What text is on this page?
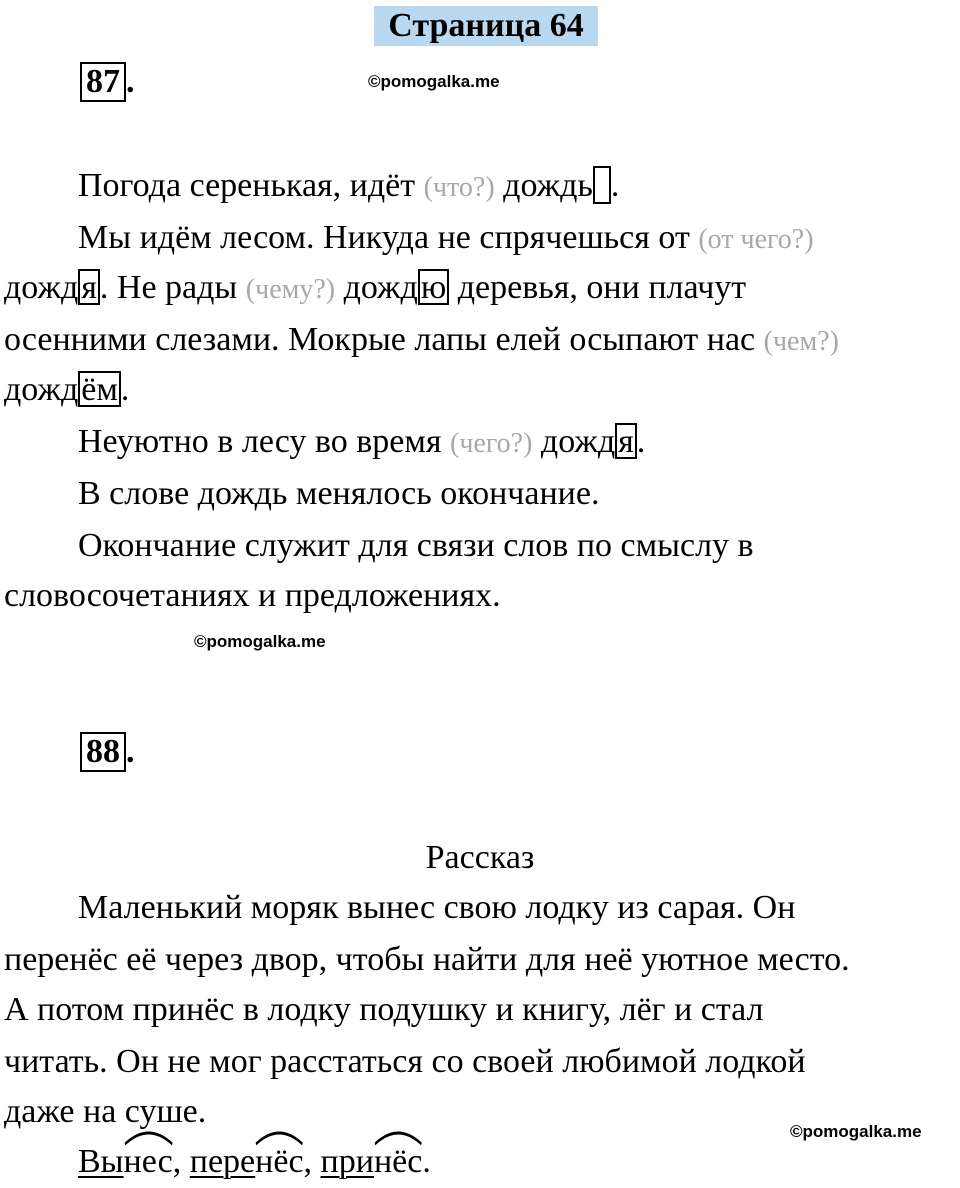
Страница 64
87 .	©pomogalka.me
Погода серенькая, идёт (что?) дождь .
Мы идём лесом. Никуда не спрячешься от (от чего?)
дождя. Не рады (чему?) дождю деревья, они плачут
осенними слезами. Мокрые лапы елей осыпают нас (чем?)
дождём.
Неуютно в лесу во время (чего?) дождя.
В слове дождь менялось окончание.
Окончание служит для связи слов по смыслу в
словосочетаниях и предложениях.
©pomogalka.me
88 .
Рассказ
Маленький моряк вынес свою лодку из сарая. Он
перенёс её через двор, чтобы найти для неё уютное место.
А потом принёс в лодку подушку и книгу, лёг и стал
читать. Он не мог расстаться со своей любимой лодкой
даже на суше.
©pomogalka.me
Вы
нес, пере
нёс, при
нёс.
